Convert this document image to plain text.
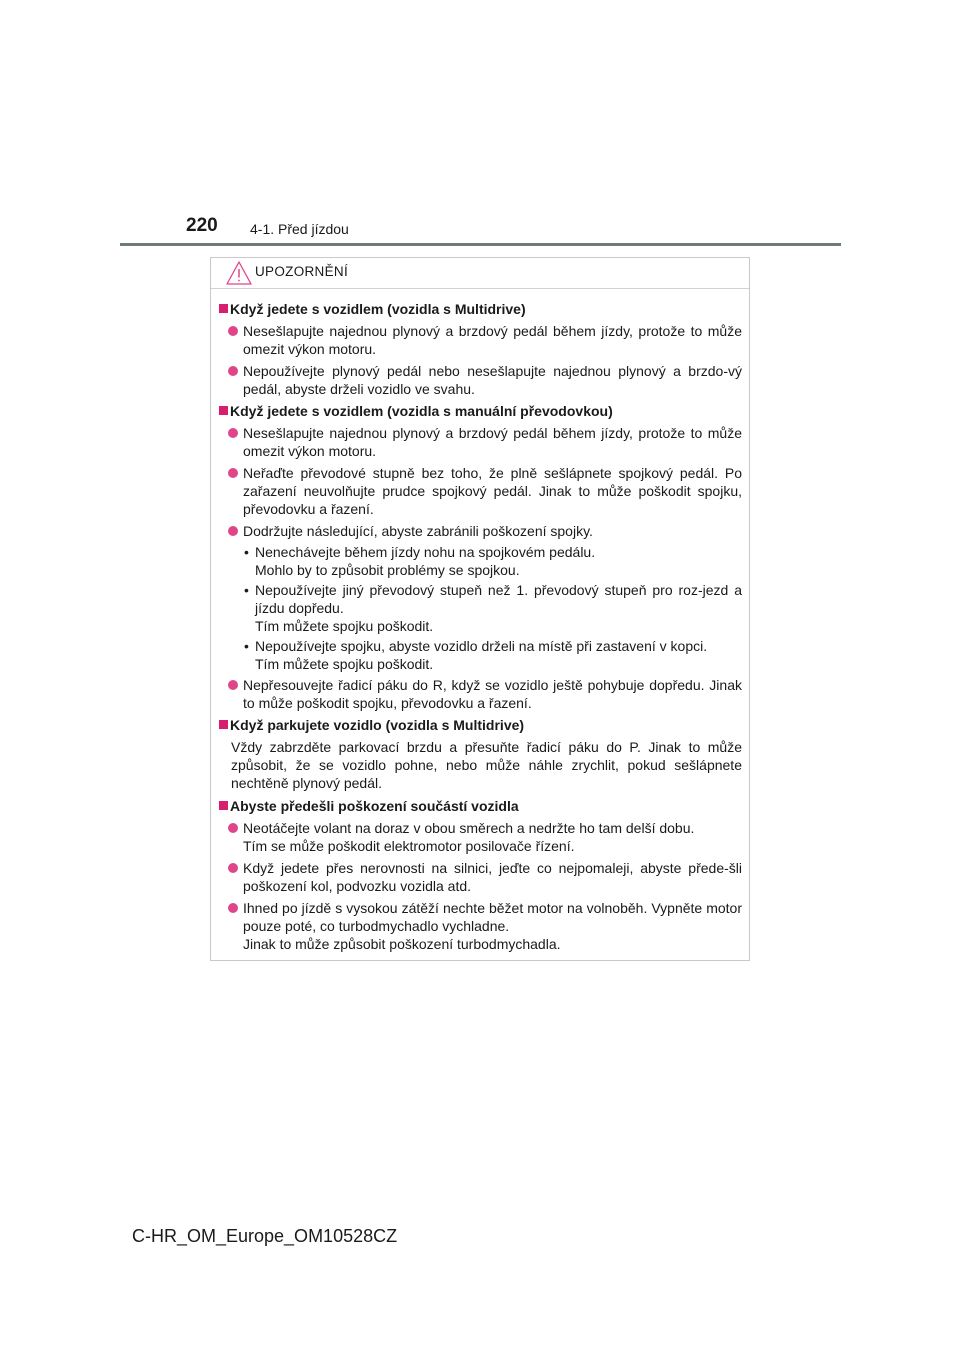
220 4-1. Před jízdou
UPOZORNĚNÍ
Když jedete s vozidlem (vozidla s Multidrive)
Nesešlapujte najednou plynový a brzdový pedál během jízdy, protože to může omezit výkon motoru.
Nepoužívejte plynový pedál nebo nesešlapujte najednou plynový a brzdo-vý pedál, abyste drželi vozidlo ve svahu.
Když jedete s vozidlem (vozidla s manuální převodovkou)
Nesešlapujte najednou plynový a brzdový pedál během jízdy, protože to může omezit výkon motoru.
Neřaďte převodové stupně bez toho, že plně sešlápnete spojkový pedál. Po zařazení neuvolňujte prudce spojkový pedál. Jinak to může poškodit spojku, převodovku a řazení.
Dodržujte následující, abyste zabránili poškození spojky.
• Nenechávejte během jízdy nohu na spojkovém pedálu.
Mohlo by to způsobit problémy se spojkou.
• Nepoužívejte jiný převodový stupeň než 1. převodový stupeň pro roz-jezd a jízdu dopředu.
Tím můžete spojku poškodit.
• Nepoužívejte spojku, abyste vozidlo drželi na místě při zastavení v kopci.
Tím můžete spojku poškodit.
Nepřesouvejte řadicí páku do R, když se vozidlo ještě pohybuje dopředu. Jinak to může poškodit spojku, převodovku a řazení.
Když parkujete vozidlo (vozidla s Multidrive)
Vždy zabrzděte parkovací brzdu a přesuňte řadicí páku do P. Jinak to může způsobit, že se vozidlo pohne, nebo může náhle zrychlit, pokud sešlápnete nechtěně plynový pedál.
Abyste předešli poškození součástí vozidla
Neotáčejte volant na doraz v obou směrech a nedržte ho tam delší dobu.
Tím se může poškodit elektromotor posilovače řízení.
Když jedete přes nerovnosti na silnici, jeďte co nejpomaleji, abyste přede-šli poškození kol, podvozku vozidla atd.
Ihned po jízdě s vysokou zátěží nechte běžet motor na volnoběh. Vypněte motor pouze poté, co turbodmychadlo vychladne.
Jinak to může způsobit poškození turbodmychadla.
C-HR_OM_Europe_OM10528CZ
